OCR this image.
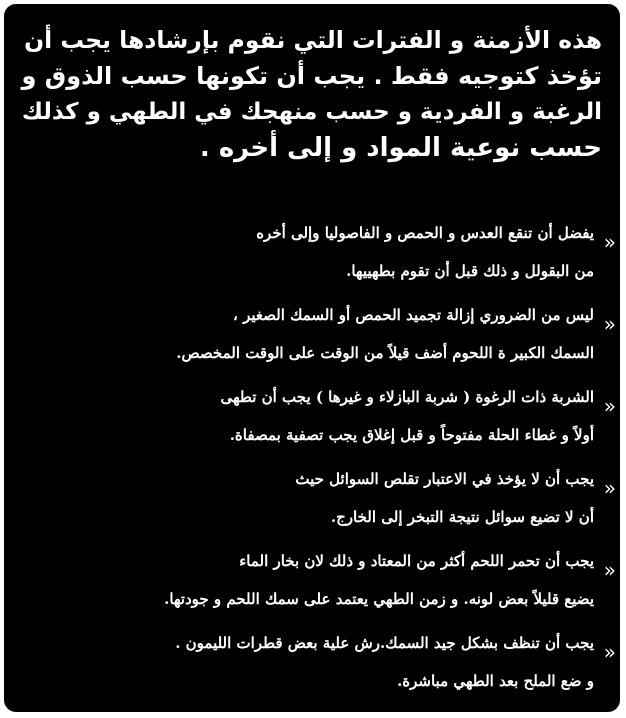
هذه الأزمنة و الفترات التي نقوم بإرشادها يجب أن
تؤخذ كتوجيه فقط . يجب أن تكونها حسب الذوق و
الرغبة و الفردية و حسب منهجك في الطهي و كذلك
حسب نوعية المواد و إلى أخره .
»
يفضل أن تنقع العدس و الحمص و الفاصوليا وإلى أخره
من البقولل و ذلك قبل أن تقوم بطهييها.
»
ليس من الضروري إزالة تجميد الحمص أو السمك الصغير ،
السمك الكبير ة اللحوم أضف قيلاً من الوقت على الوقت المخصص.
»
الشربة ذات الرغوة ( شربة البازلاء و غيرها ) يجب أن تطهى
أولاً و غطاء الحلة مفتوحاً و قبل إغلاق يجب تصفية بمصفاة.
»
يجب أن لا يؤخذ في الاعتبار تقلص السوائل حيث
أن لا تضيع سوائل نتيجة التبخر إلى الخارج.
»
يجب أن تحمر اللحم أكثر من المعتاد و ذلك لان بخار الماء
يضيع قليلاً بعض لونه. و زمن الطهي يعتمد على سمك اللحم و جودتها.
»
يجب أن تنظف بشكل جيد السمك.رش علية بعض قطرات الليمون .
و ضع الملح بعد الطهي مباشرة.
